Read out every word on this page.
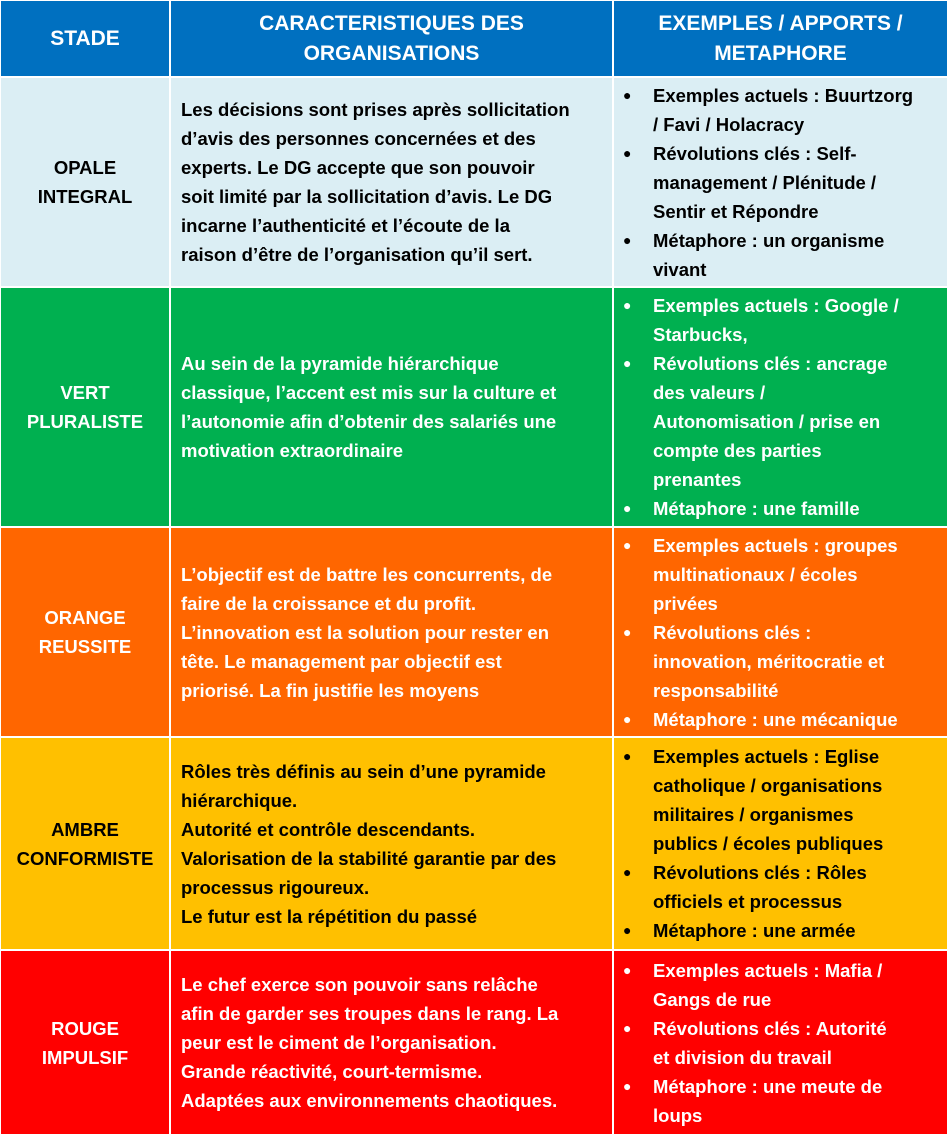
STADE
CARACTERISTIQUES DES
ORGANISATIONS
EXEMPLES / APPORTS /
METAPHORE
OPALE
INTEGRAL
Les décisions sont prises après sollicitation
d’avis des personnes concernées et des
experts. Le DG accepte que son pouvoir
soit limité par la sollicitation d’avis. Le DG
incarne l’authenticité et l’écoute de la
raison d’être de l’organisation qu’il sert.
● Exemples actuels : Buurtzorg
/ Favi / Holacracy
● Révolutions clés : Self-
management / Plénitude /
Sentir et Répondre
● Métaphore : un organisme
vivant
VERT
PLURALISTE
Au sein de la pyramide hiérarchique
classique, l’accent est mis sur la culture et
l’autonomie afin d’obtenir des salariés une
motivation extraordinaire
● Exemples actuels : Google /
Starbucks,
● Révolutions clés : ancrage
des valeurs /
Autonomisation / prise en
compte des parties
prenantes
● Métaphore : une famille
ORANGE
REUSSITE
L’objectif est de battre les concurrents, de
faire de la croissance et du profit.
L’innovation est la solution pour rester en
tête. Le management par objectif est
priorisé. La fin justifie les moyens
● Exemples actuels : groupes
multinationaux / écoles
privées
● Révolutions clés :
innovation, méritocratie et
responsabilité
● Métaphore : une mécanique
AMBRE
CONFORMISTE
Rôles très définis au sein d’une pyramide
hiérarchique.
Autorité et contrôle descendants.
Valorisation de la stabilité garantie par des
processus rigoureux.
Le futur est la répétition du passé
● Exemples actuels : Eglise
catholique / organisations
militaires / organismes
publics / écoles publiques
● Révolutions clés : Rôles
officiels et processus
● Métaphore : une armée
ROUGE
IMPULSIF
Le chef exerce son pouvoir sans relâche
afin de garder ses troupes dans le rang. La
peur est le ciment de l’organisation.
Grande réactivité, court-termisme.
Adaptées aux environnements chaotiques.
● Exemples actuels : Mafia /
Gangs de rue
● Révolutions clés : Autorité
et division du travail
● Métaphore : une meute de
loups
